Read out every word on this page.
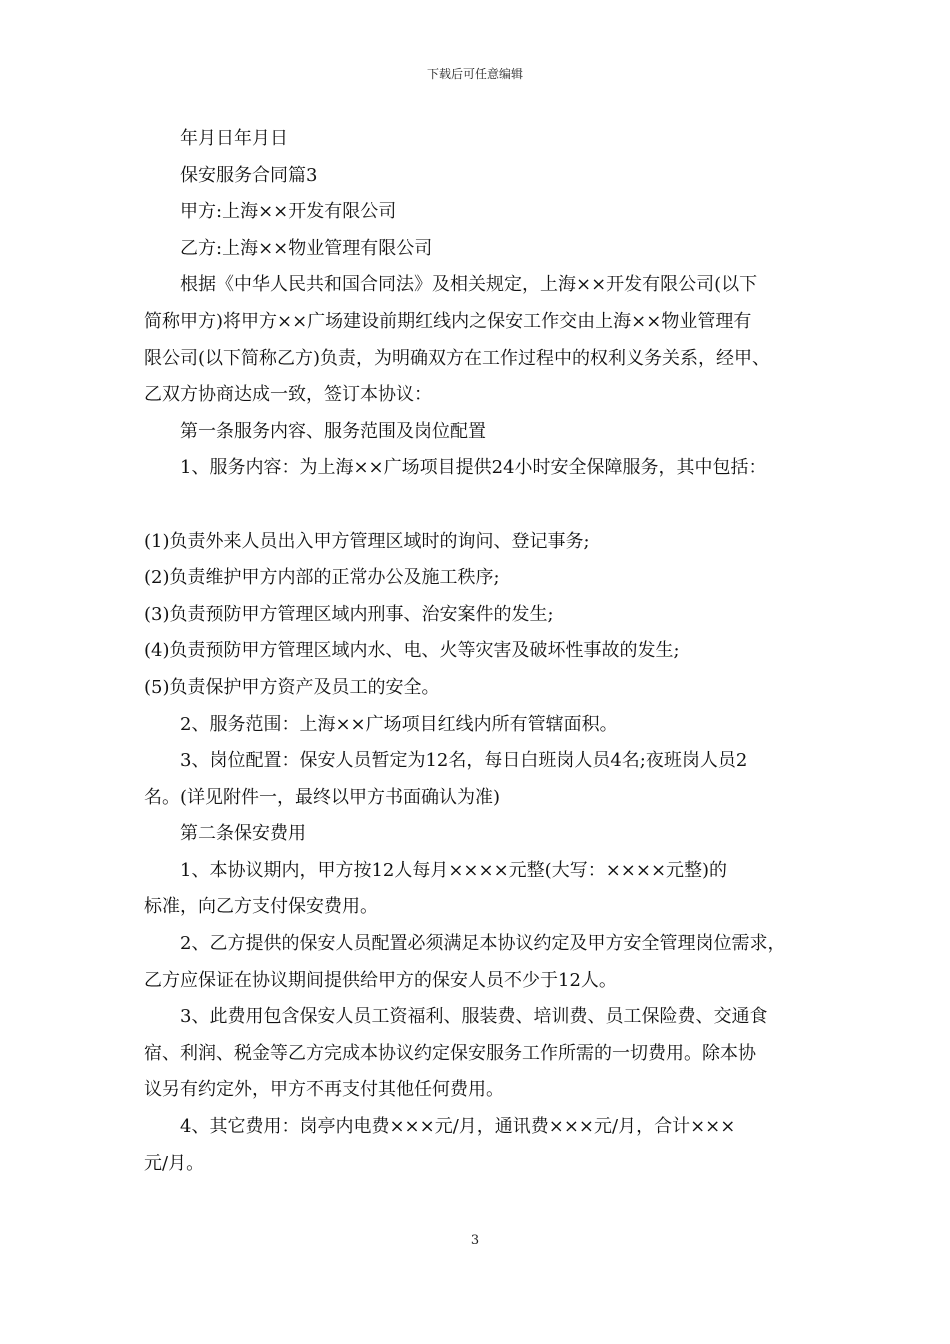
下载后可任意编辑

年月日年月日

保安服务合同篇3

甲方:上海××开发有限公司

乙方:上海××物业管理有限公司

根据《中华人民共和国合同法》及相关规定，上海××开发有限公司(以下

简称甲方)将甲方××广场建设前期红线内之保安工作交由上海××物业管理有

限公司(以下简称乙方)负责，为明确双方在工作过程中的权利义务关系，经甲、

乙双方协商达成一致，签订本协议：

第一条服务内容、服务范围及岗位配置

1、服务内容：为上海××广场项目提供24小时安全保障服务，其中包括：

(1)负责外来人员出入甲方管理区域时的询问、登记事务;

(2)负责维护甲方内部的正常办公及施工秩序;

(3)负责预防甲方管理区域内刑事、治安案件的发生;

(4)负责预防甲方管理区域内水、电、火等灾害及破坏性事故的发生;

(5)负责保护甲方资产及员工的安全。

2、服务范围：上海××广场项目红线内所有管辖面积。

3、岗位配置：保安人员暂定为12名，每日白班岗人员4名;夜班岗人员2

名。(详见附件一，最终以甲方书面确认为准)

第二条保安费用

1、本协议期内，甲方按12人每月××××元整(大写：××××元整)的

标准，向乙方支付保安费用。

2、乙方提供的保安人员配置必须满足本协议约定及甲方安全管理岗位需求，

乙方应保证在协议期间提供给甲方的保安人员不少于12人。

3、此费用包含保安人员工资福利、服装费、培训费、员工保险费、交通食

宿、利润、税金等乙方完成本协议约定保安服务工作所需的一切费用。除本协

议另有约定外，甲方不再支付其他任何费用。

4、其它费用：岗亭内电费×××元/月，通讯费×××元/月，合计×××

元/月。

3
